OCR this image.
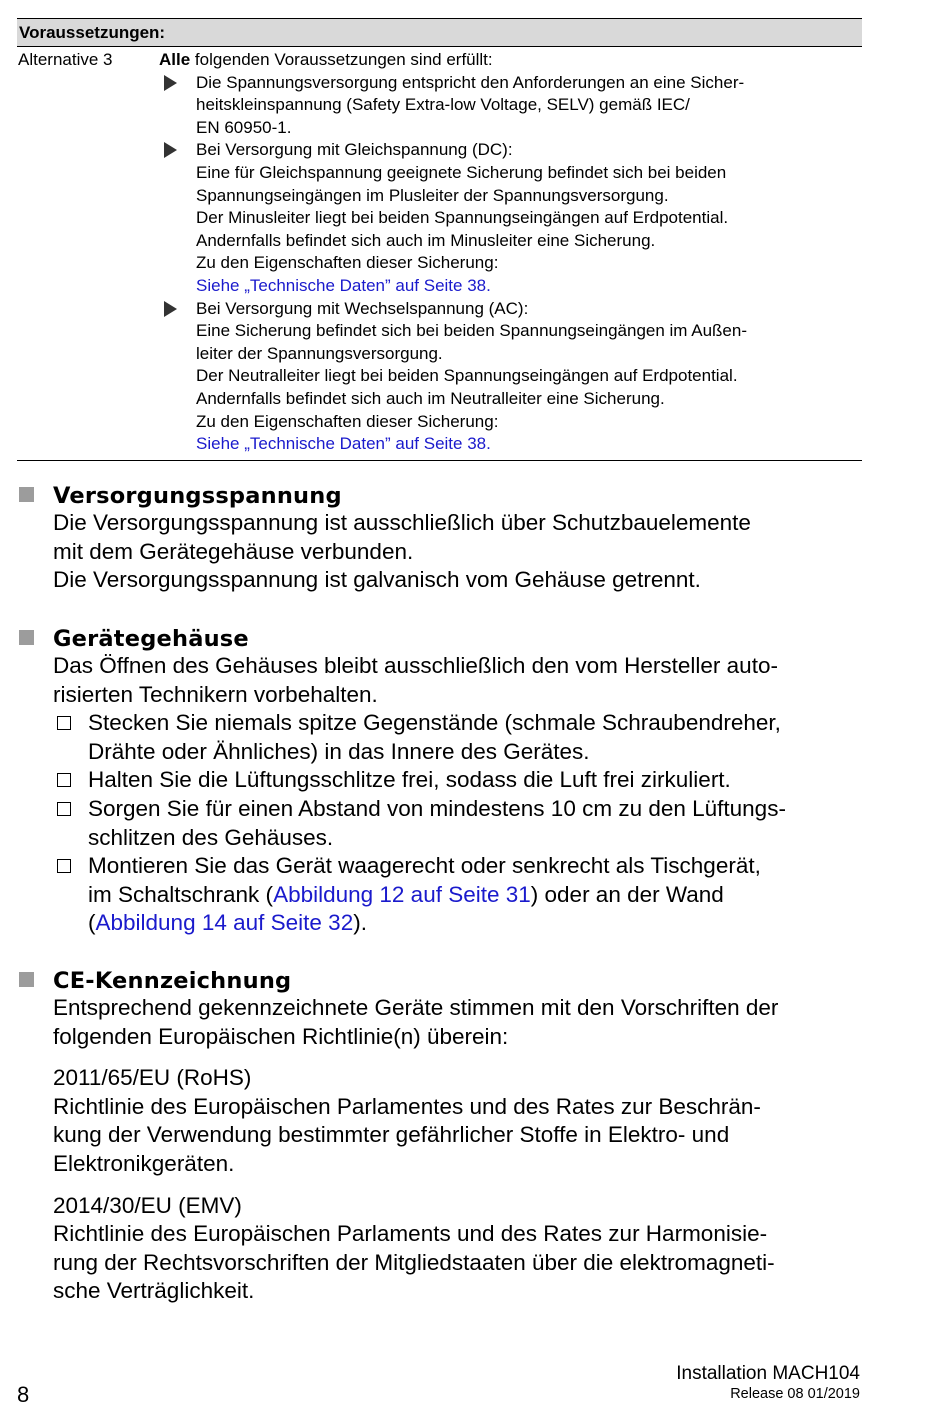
Voraussetzungen:
Alternative 3	Alle folgenden Voraussetzungen sind erfüllt:
Die Spannungsversorgung entspricht den Anforderungen an eine Sicher-
heitskleinspannung (Safety Extra-low Voltage, SELV) gemäß IEC/
EN 60950-1.
Bei Versorgung mit Gleichspannung (DC):
Eine für Gleichspannung geeignete Sicherung befindet sich bei beiden
Spannungseingängen im Plusleiter der Spannungsversorgung.
Der Minusleiter liegt bei beiden Spannungseingängen auf Erdpotential.
Andernfalls befindet sich auch im Minusleiter eine Sicherung.
Zu den Eigenschaften dieser Sicherung:
Siehe „Technische Daten” auf Seite 38.
Bei Versorgung mit Wechselspannung (AC):
Eine Sicherung befindet sich bei beiden Spannungseingängen im Außen-
leiter der Spannungsversorgung.
Der Neutralleiter liegt bei beiden Spannungseingängen auf Erdpotential.
Andernfalls befindet sich auch im Neutralleiter eine Sicherung.
Zu den Eigenschaften dieser Sicherung:
Siehe „Technische Daten” auf Seite 38.
Versorgungsspannung
Die Versorgungsspannung ist ausschließlich über Schutzbauelemente
mit dem Gerätegehäuse verbunden.
Die Versorgungsspannung ist galvanisch vom Gehäuse getrennt.
Gerätegehäuse
Das Öffnen des Gehäuses bleibt ausschließlich den vom Hersteller auto-
risierten Technikern vorbehalten.
Stecken Sie niemals spitze Gegenstände (schmale Schraubendreher,
Drähte oder Ähnliches) in das Innere des Gerätes.
Halten Sie die Lüftungsschlitze frei, sodass die Luft frei zirkuliert.
Sorgen Sie für einen Abstand von mindestens 10 cm zu den Lüftungs-
schlitzen des Gehäuses.
Montieren Sie das Gerät waagerecht oder senkrecht als Tischgerät,
im Schaltschrank (Abbildung 12 auf Seite 31) oder an der Wand
(Abbildung 14 auf Seite 32).
CE-Kennzeichnung
Entsprechend gekennzeichnete Geräte stimmen mit den Vorschriften der
folgenden Europäischen Richtlinie(n) überein:
2011/65/EU (RoHS)
Richtlinie des Europäischen Parlamentes und des Rates zur Beschrän-
kung der Verwendung bestimmter gefährlicher Stoffe in Elektro- und
Elektronikgeräten.
2014/30/EU (EMV)
Richtlinie des Europäischen Parlaments und des Rates zur Harmonisie-
rung der Rechtsvorschriften der Mitgliedstaaten über die elektromagneti-
sche Verträglichkeit.
8
Installation MACH104
Release 08 01/2019
